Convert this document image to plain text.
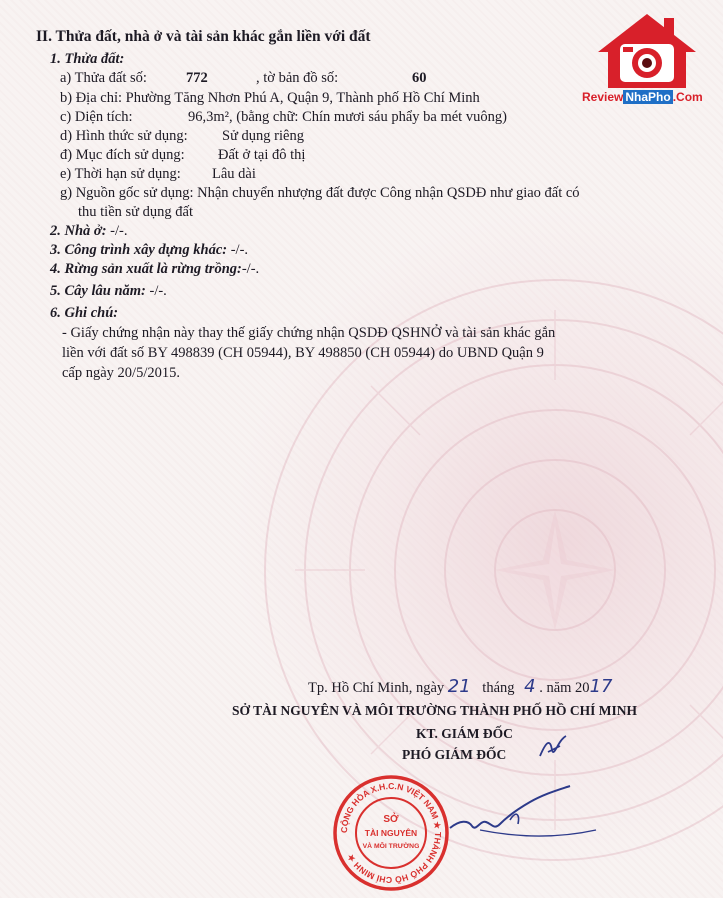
Review NhaPho .Com
II. Thửa đất, nhà ở và tài sản khác gắn liền với đất
1. Thửa đất:
a) Thửa đất số:	772	, tờ bản đồ số:	60
b) Địa chỉ: Phường Tăng Nhơn Phú A, Quận 9, Thành phố Hồ Chí Minh
c) Diện tích:	96,3m², (bằng chữ: Chín mươi sáu phẩy ba mét vuông)
d) Hình thức sử dụng: Sử dụng riêng
đ) Mục đích sử dụng: Đất ở tại đô thị
e) Thời hạn sử dụng: Lâu dài
g) Nguồn gốc sử dụng: Nhận chuyển nhượng đất được Công nhận QSDĐ như giao đất có
thu tiền sử dụng đất
2. Nhà ở: -/-.
3. Công trình xây dựng khác: -/-.
4. Rừng sản xuất là rừng trồng:-/-.
5. Cây lâu năm: -/-.
6. Ghi chú:
- Giấy chứng nhận này thay thế giấy chứng nhận QSDĐ QSHNỞ và tài sản khác gắn
liền với đất số BY 498839 (CH 05944), BY 498850 (CH 05944) do UBND Quận 9
cấp ngày 20/5/2015.
Tp. Hồ Chí Minh, ngày 21 tháng 4 . năm 2017
SỞ TÀI NGUYÊN VÀ MÔI TRƯỜNG THÀNH PHỐ HỒ CHÍ MINH
KT. GIÁM ĐỐC
PHÓ GIÁM ĐỐC
CỘNG HÒA X.H.C.N VIỆT NAM ★ THÀNH PHỐ HỒ CHÍ MINH ★
SỞ
TÀI NGUYÊN
VÀ MÔI TRƯỜNG
